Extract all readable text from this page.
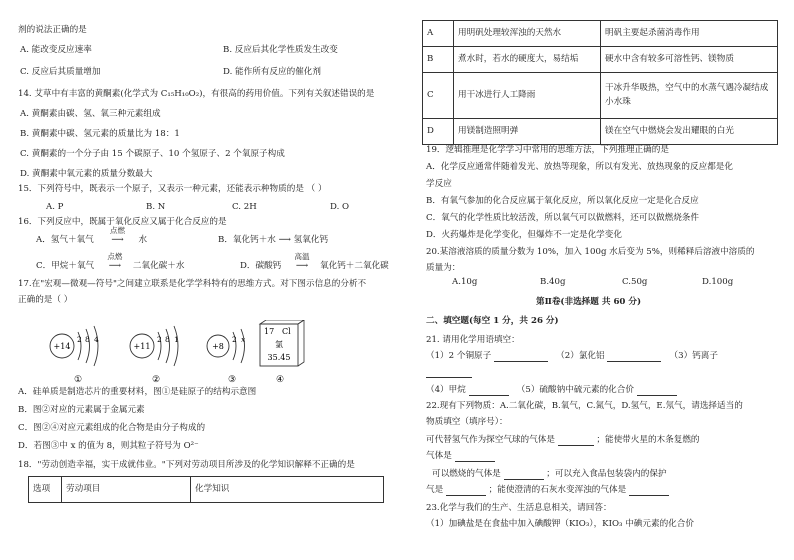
剂的说法正确的是
A. 能改变反应速率	B. 反应后其化学性质发生改变
C. 反应后其质量增加	D. 能作所有反应的催化剂
14. 艾草中有丰富的黄酮素(化学式为 C₁₅H₁₀O₂)，有很高的药用价值。下列有关叙述错误的是
A. 黄酮素由碳、氢、氧三种元素组成
B. 黄酮素中碳、氢元素的质量比为 18：1
C. 黄酮素的一个分子由 15 个碳原子、10 个氢原子、2 个氧原子构成
D. 黄酮素中氧元素的质量分数最大
15．下列符号中，既表示一个原子，又表示一种元素，还能表示种物质的是 （ ）
A. P	B. N	C. 2H	D. O
16．下列反应中，既属于氧化反应又属于化合反应的是
A．氢气＋氧气
点燃
⟶水	B．氧化钙＋水 ⟶ 氢氧化钙
C．甲烷＋氧气
点燃
⟶二氧化碳＋水	D．碳酸钙
高温
⟶氧化钙＋二氧化碳
17.在"宏观—微观—符号"之间建立联系是化学学科特有的思维方式。对下图示信息的分析不
正确的是（ ）
+14
2 8 4
①
+11
2 8 1
②
+8
2 x
③
17 Cl
氯
35.45
④
A．硅单质是制造芯片的重要材料，图①是硅原子的结构示意图
B．图②对应的元素属于金属元素
C．图②④对应元素组成的化合物是由分子构成的
D．若图③中 x 的值为 8，则其粒子符号为 O²⁻
18．"劳动创造幸福，实干成就伟业。"下列对劳动项目所涉及的化学知识解释不正确的是
选项	劳动项目	化学知识
A	用明矾处理较浑浊的天然水	明矾主要起杀菌消毒作用
B	煮水时，若水的硬度大，易结垢	硬水中含有较多可溶性钙、镁物质
C	用干冰进行人工降雨	干冰升华吸热，空气中的水蒸气遇冷凝结成小水珠
D	用镁制造照明弹	镁在空气中燃烧会发出耀眼的白光
19．逻辑推理是化学学习中常用的思维方法，下列推理正确的是
A．化学反应通常伴随着发光、放热等现象，所以有发光、放热现象的反应都是化
学反应
B．有氧气参加的化合反应属于氧化反应，所以氧化反应一定是化合反应
C．氧气的化学性质比较活泼，所以氧气可以做燃料，还可以做燃烧条件
D．火药爆炸是化学变化，但爆炸不一定是化学变化
20.某溶液溶质的质量分数为 10%，加入 100g 水后变为 5%，则稀释后溶液中溶质的
质量为：
A.10g	B.40g	C.50g	D.100g
第Ⅱ卷(非选择题 共 60 分)
二、填空题(每空 1 分，共 26 分)
21. 请用化学用语填空：
（1）2 个铜原子	（2）氯化铝	（3）钙离子
（4）甲烷	（5）硫酸钠中硫元素的化合价
22.现有下列物质：A.二氧化碳，B.氧气，C.氮气，D.氢气，E.氖气，请选择适当的
物质填空（填序号）：
可代替氢气作为探空气球的气体是	；能使带火星的木条复燃的
气体是
可以燃烧的气体是	；可以充入食品包装袋内的保护
气是	；能使澄清的石灰水变浑浊的气体是
23.化学与我们的生产、生活息息相关，请回答：
（1）加碘盐是在食盐中加入碘酸钾（KIO₃），KIO₃ 中碘元素的化合价
